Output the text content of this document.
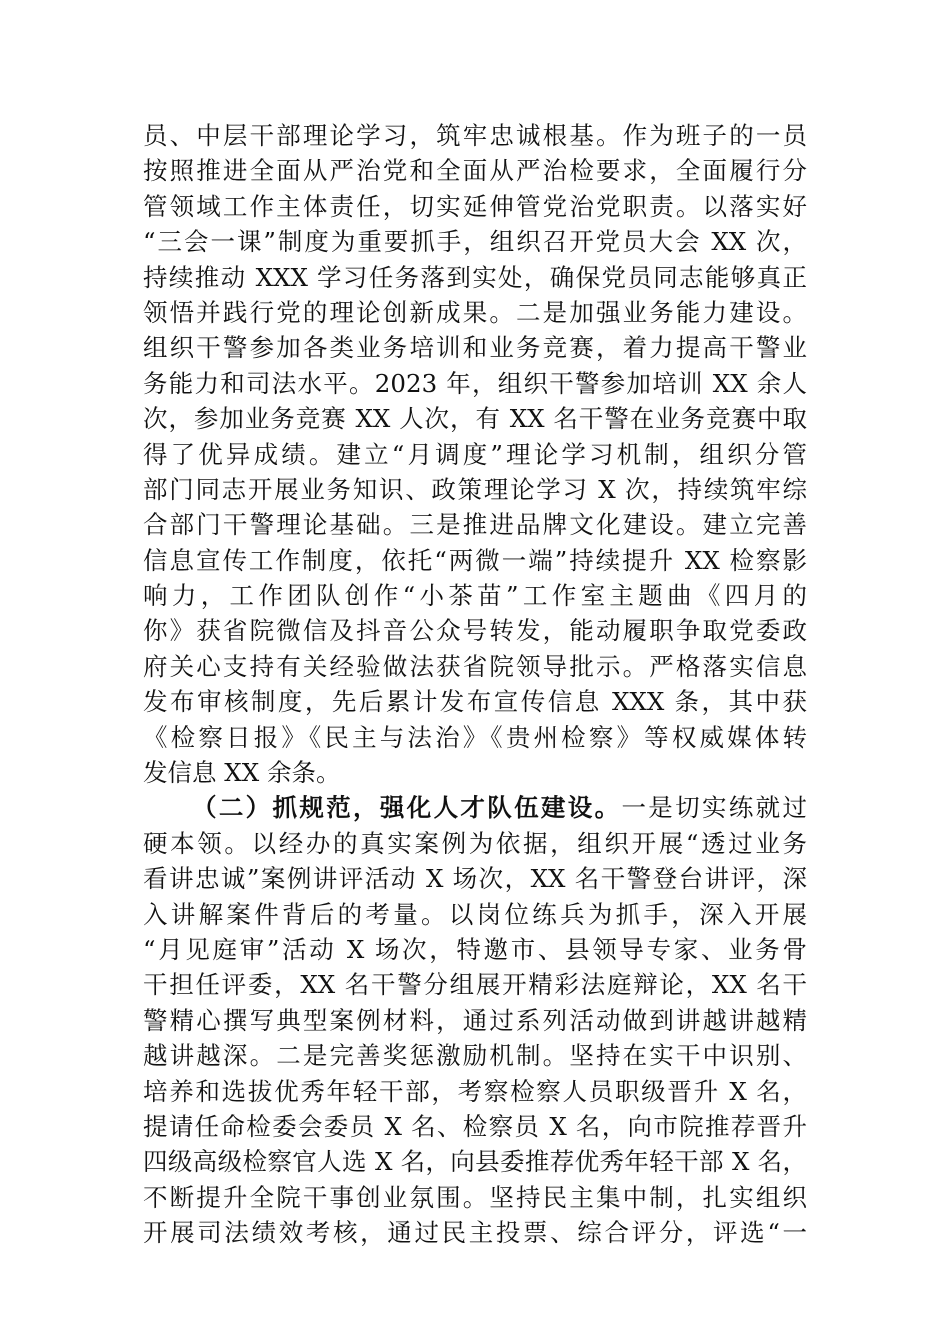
员、中层干部理论学习，筑牢忠诚根基。作为班子的一员
按照推进全面从严治党和全面从严治检要求，全面履行分
管领域工作主体责任，切实延伸管党治党职责。以落实好
“三会一课”制度为重要抓手，组织召开党员大会 XX 次，
持续推动 XXX 学习任务落到实处，确保党员同志能够真正
领悟并践行党的理论创新成果。二是加强业务能力建设。
组织干警参加各类业务培训和业务竞赛，着力提高干警业
务能力和司法水平。2023 年，组织干警参加培训 XX 余人
次，参加业务竞赛 XX 人次，有 XX 名干警在业务竞赛中取
得了优异成绩。建立“月调度”理论学习机制，组织分管
部门同志开展业务知识、政策理论学习 X 次，持续筑牢综
合部门干警理论基础。三是推进品牌文化建设。建立完善
信息宣传工作制度，依托“两微一端”持续提升 XX 检察影
响力，工作团队创作“小茶苗”工作室主题曲《四月的
你》获省院微信及抖音公众号转发，能动履职争取党委政
府关心支持有关经验做法获省院领导批示。严格落实信息
发布审核制度，先后累计发布宣传信息 XXX 条，其中获
《检察日报》《民主与法治》《贵州检察》等权威媒体转
发信息 XX 余条。
（二）抓规范，强化人才队伍建设。一是切实练就过
硬本领。以经办的真实案例为依据，组织开展“透过业务
看讲忠诚”案例讲评活动 X 场次，XX 名干警登台讲评，深
入讲解案件背后的考量。以岗位练兵为抓手，深入开展
“月见庭审”活动 X 场次，特邀市、县领导专家、业务骨
干担任评委，XX 名干警分组展开精彩法庭辩论，XX 名干
警精心撰写典型案例材料，通过系列活动做到讲越讲越精
越讲越深。二是完善奖惩激励机制。坚持在实干中识别、
培养和选拔优秀年轻干部，考察检察人员职级晋升 X 名，
提请任命检委会委员 X 名、检察员 X 名，向市院推荐晋升
四级高级检察官人选 X 名，向县委推荐优秀年轻干部 X 名，
不断提升全院干事创业氛围。坚持民主集中制，扎实组织
开展司法绩效考核，通过民主投票、综合评分，评选“一
